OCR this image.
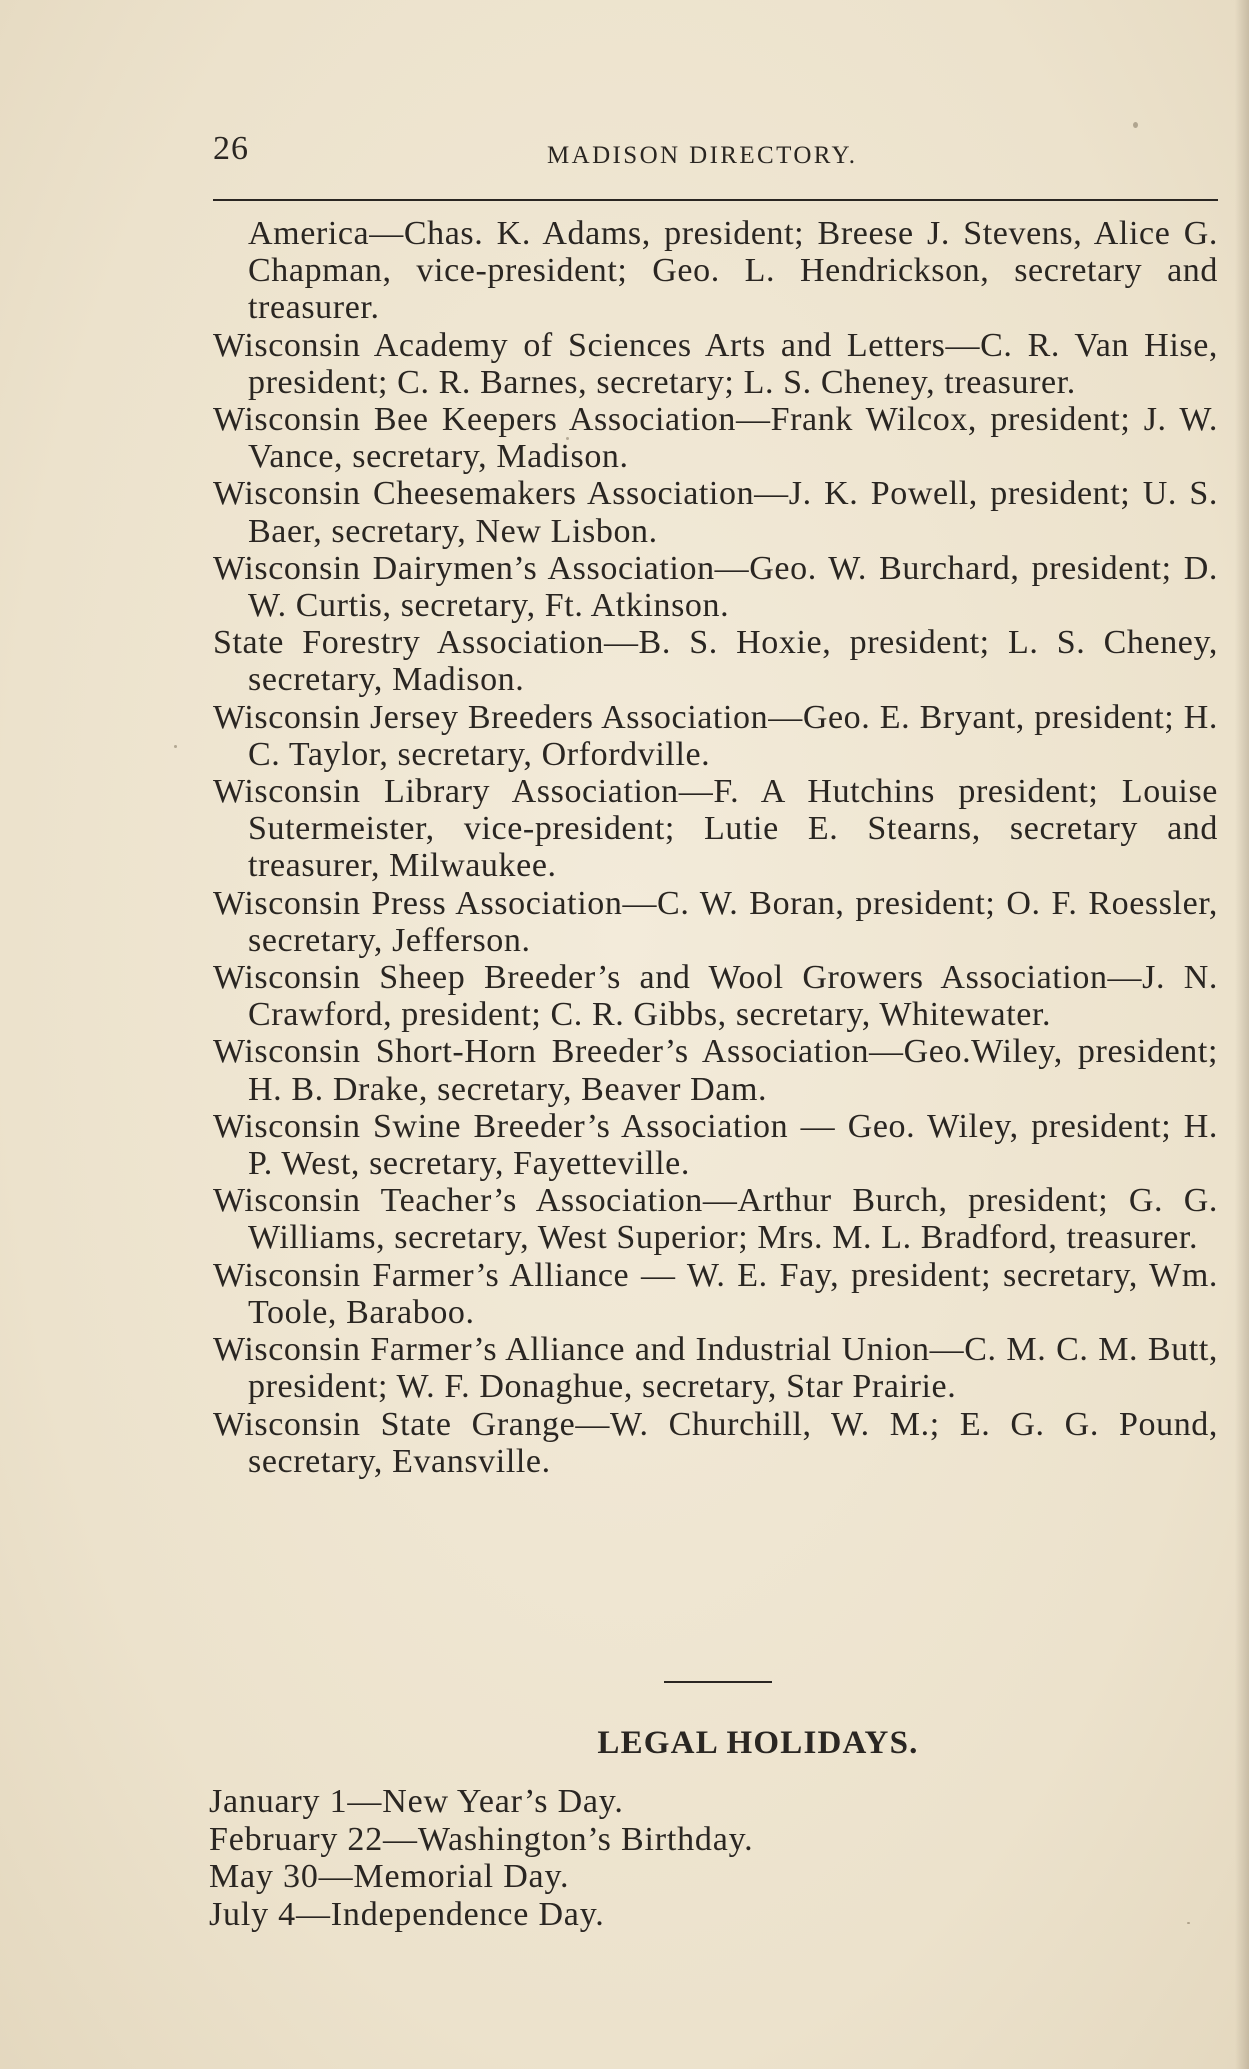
26	MADISON DIRECTORY.

America—Chas. K. Adams, president; Breese J. Stevens, Alice G. Chapman, vice-president; Geo. L. Hendrickson, secretary and treasurer.

Wisconsin Academy of Sciences Arts and Letters—C. R. Van Hise, president; C. R. Barnes, secretary; L. S. Cheney, treasurer.

Wisconsin Bee Keepers Association—Frank Wilcox, president; J. W. Vance, secretary, Madison.

Wisconsin Cheesemakers Association—J. K. Powell, president; U. S. Baer, secretary, New Lisbon.

Wisconsin Dairymen’s Association—Geo. W. Burchard, president; D. W. Curtis, secretary, Ft. Atkinson.

State Forestry Association—B. S. Hoxie, president; L. S. Cheney, secretary, Madison.

Wisconsin Jersey Breeders Association—Geo. E. Bryant, president; H. C. Taylor, secretary, Orfordville.

Wisconsin Library Association—F. A Hutchins president; Louise Sutermeister, vice-president; Lutie E. Stearns, secretary and treasurer, Milwaukee.

Wisconsin Press Association—C. W. Boran, president; O. F. Roessler, secretary, Jefferson.

Wisconsin Sheep Breeder’s and Wool Growers Association—J. N. Crawford, president; C. R. Gibbs, secretary, Whitewater.

Wisconsin Short-Horn Breeder’s Association—Geo.Wiley, president; H. B. Drake, secretary, Beaver Dam.

Wisconsin Swine Breeder’s Association — Geo. Wiley, president; H. P. West, secretary, Fayetteville.

Wisconsin Teacher’s Association—Arthur Burch, president; G. G. Williams, secretary, West Superior; Mrs. M. L. Bradford, treasurer.

Wisconsin Farmer’s Alliance — W. E. Fay, president; secretary, Wm. Toole, Baraboo.

Wisconsin Farmer’s Alliance and Industrial Union—C. M. C. M. Butt, president; W. F. Donaghue, secretary, Star Prairie.

Wisconsin State Grange—W. Churchill, W. M.; E. G. G. Pound, secretary, Evansville.

LEGAL HOLIDAYS.

January 1—New Year’s Day.

February 22—Washington’s Birthday.

May 30—Memorial Day.

July 4—Independence Day.
